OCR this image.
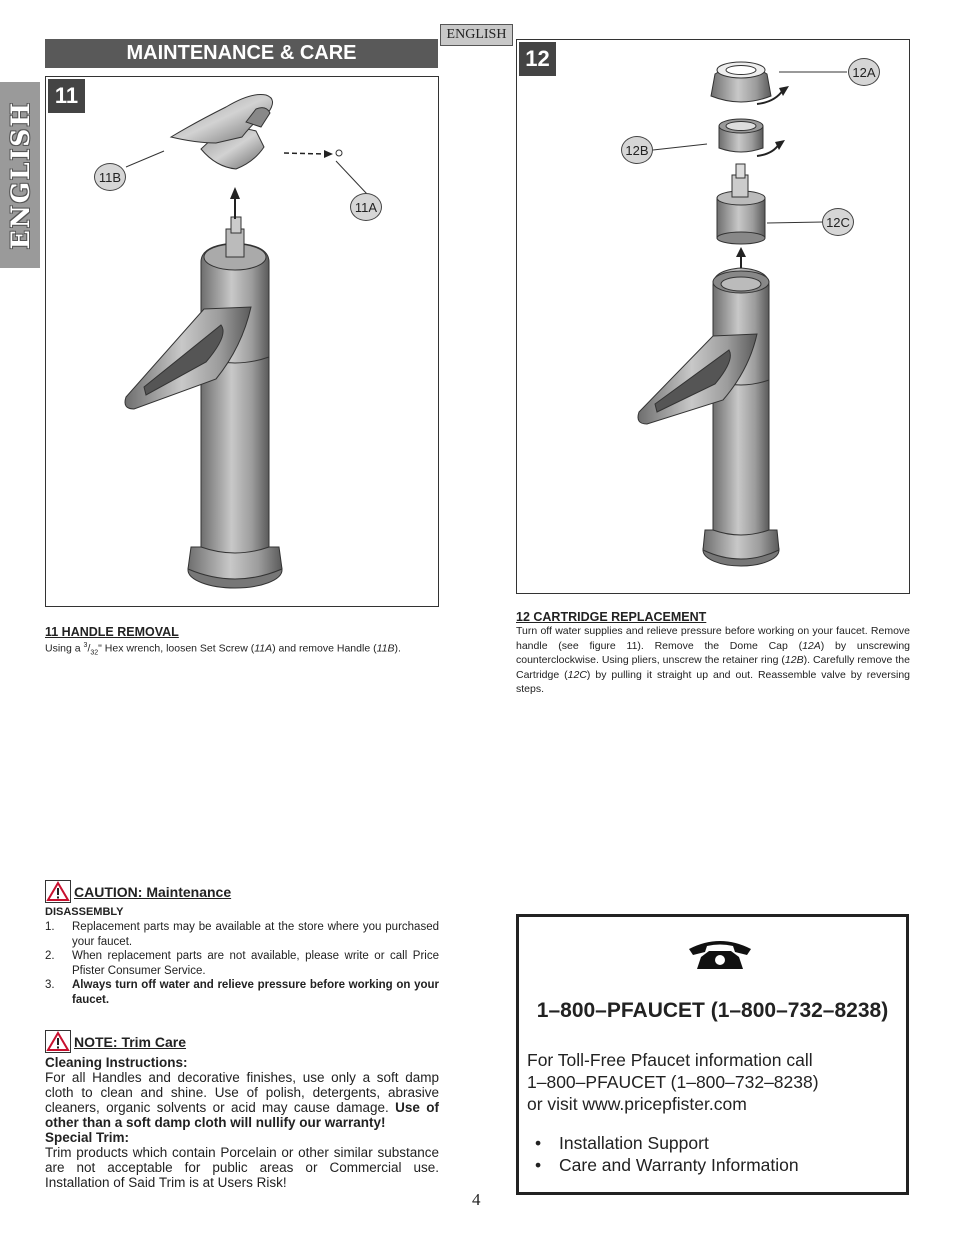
ENGLISH
ENGLISH
MAINTENANCE & CARE
11
11B
11A
12
12A
12B
12C
11 HANDLE REMOVAL
Using a $^3/_{32}$" Hex wrench, loosen Set Screw (11A) and remove Handle (11B).
12 CARTRIDGE REPLACEMENT
Turn off water supplies and relieve pressure before working on your faucet. Remove handle (see figure 11). Remove the Dome Cap (12A) by unscrewing counterclockwise. Using pliers, unscrew the retainer ring (12B). Carefully remove the Cartridge (12C) by pulling it straight up and out. Reassemble valve by reversing steps.
CAUTION: Maintenance
DISASSEMBLY
1.	Replacement parts may be available at the store where you purchased your faucet.
2.	When replacement parts are not available, please write or call Price Pfister Consumer Service.
3.	Always turn off water and relieve pressure before working on your faucet.
NOTE: Trim Care
Cleaning Instructions:
For all Handles and decorative finishes, use only a soft damp cloth to clean and shine. Use of polish, detergents, abrasive cleaners, organic solvents or acid may cause damage. Use of other than a soft damp cloth will nullify our warranty!
Special Trim:
Trim products which contain Porcelain or other similar substance are not acceptable for public areas or Commercial use. Installation of Said Trim is at Users Risk!
1–800–PFAUCET (1–800–732–8238)
For Toll-Free Pfaucet information call
1–800–PFAUCET (1–800–732–8238)
or visit www.pricepfister.com
• Installation Support
• Care and Warranty Information
4
